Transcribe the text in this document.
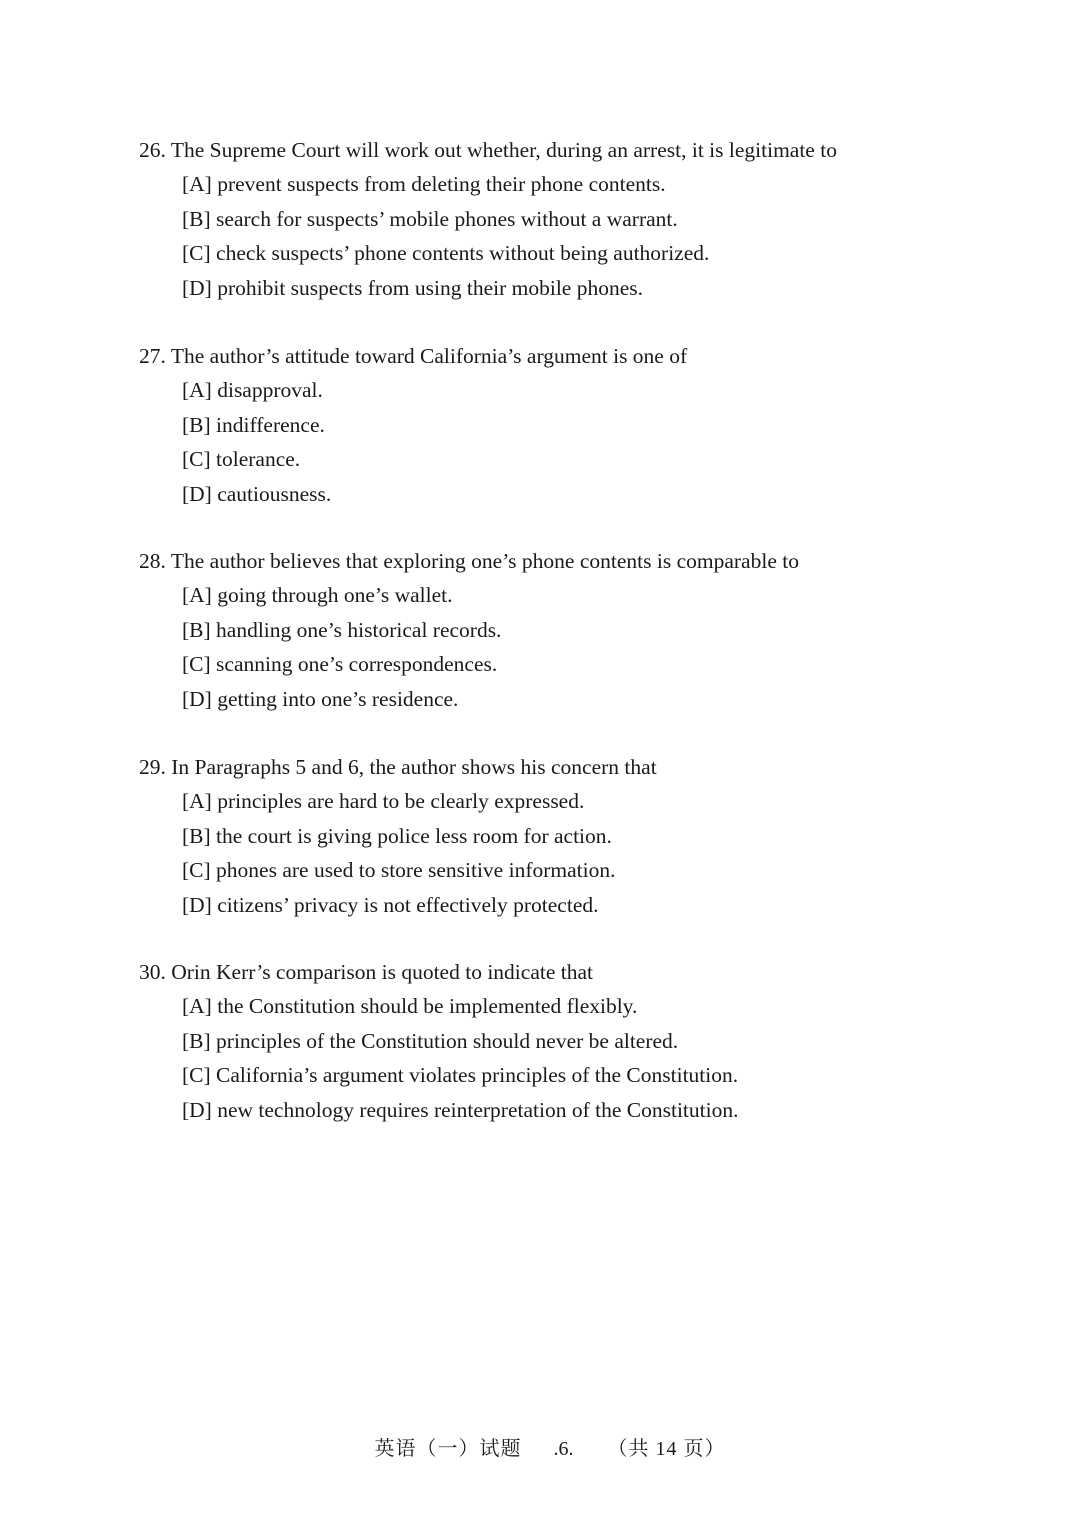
26. The Supreme Court will work out whether, during an arrest, it is legitimate to
[A] prevent suspects from deleting their phone contents.
[B] search for suspects’ mobile phones without a warrant.
[C] check suspects’ phone contents without being authorized.
[D] prohibit suspects from using their mobile phones.
27. The author’s attitude toward California’s argument is one of
[A] disapproval.
[B] indifference.
[C] tolerance.
[D] cautiousness.
28. The author believes that exploring one’s phone contents is comparable to
[A] going through one’s wallet.
[B] handling one’s historical records.
[C] scanning one’s correspondences.
[D] getting into one’s residence.
29. In Paragraphs 5 and 6, the author shows his concern that
[A] principles are hard to be clearly expressed.
[B] the court is giving police less room for action.
[C] phones are used to store sensitive information.
[D] citizens’ privacy is not effectively protected.
30. Orin Kerr’s comparison is quoted to indicate that
[A] the Constitution should be implemented flexibly.
[B] principles of the Constitution should never be altered.
[C] California’s argument violates principles of the Constitution.
[D] new technology requires reinterpretation of the Constitution.

英语（一）试题 .6. （共 14 页）
